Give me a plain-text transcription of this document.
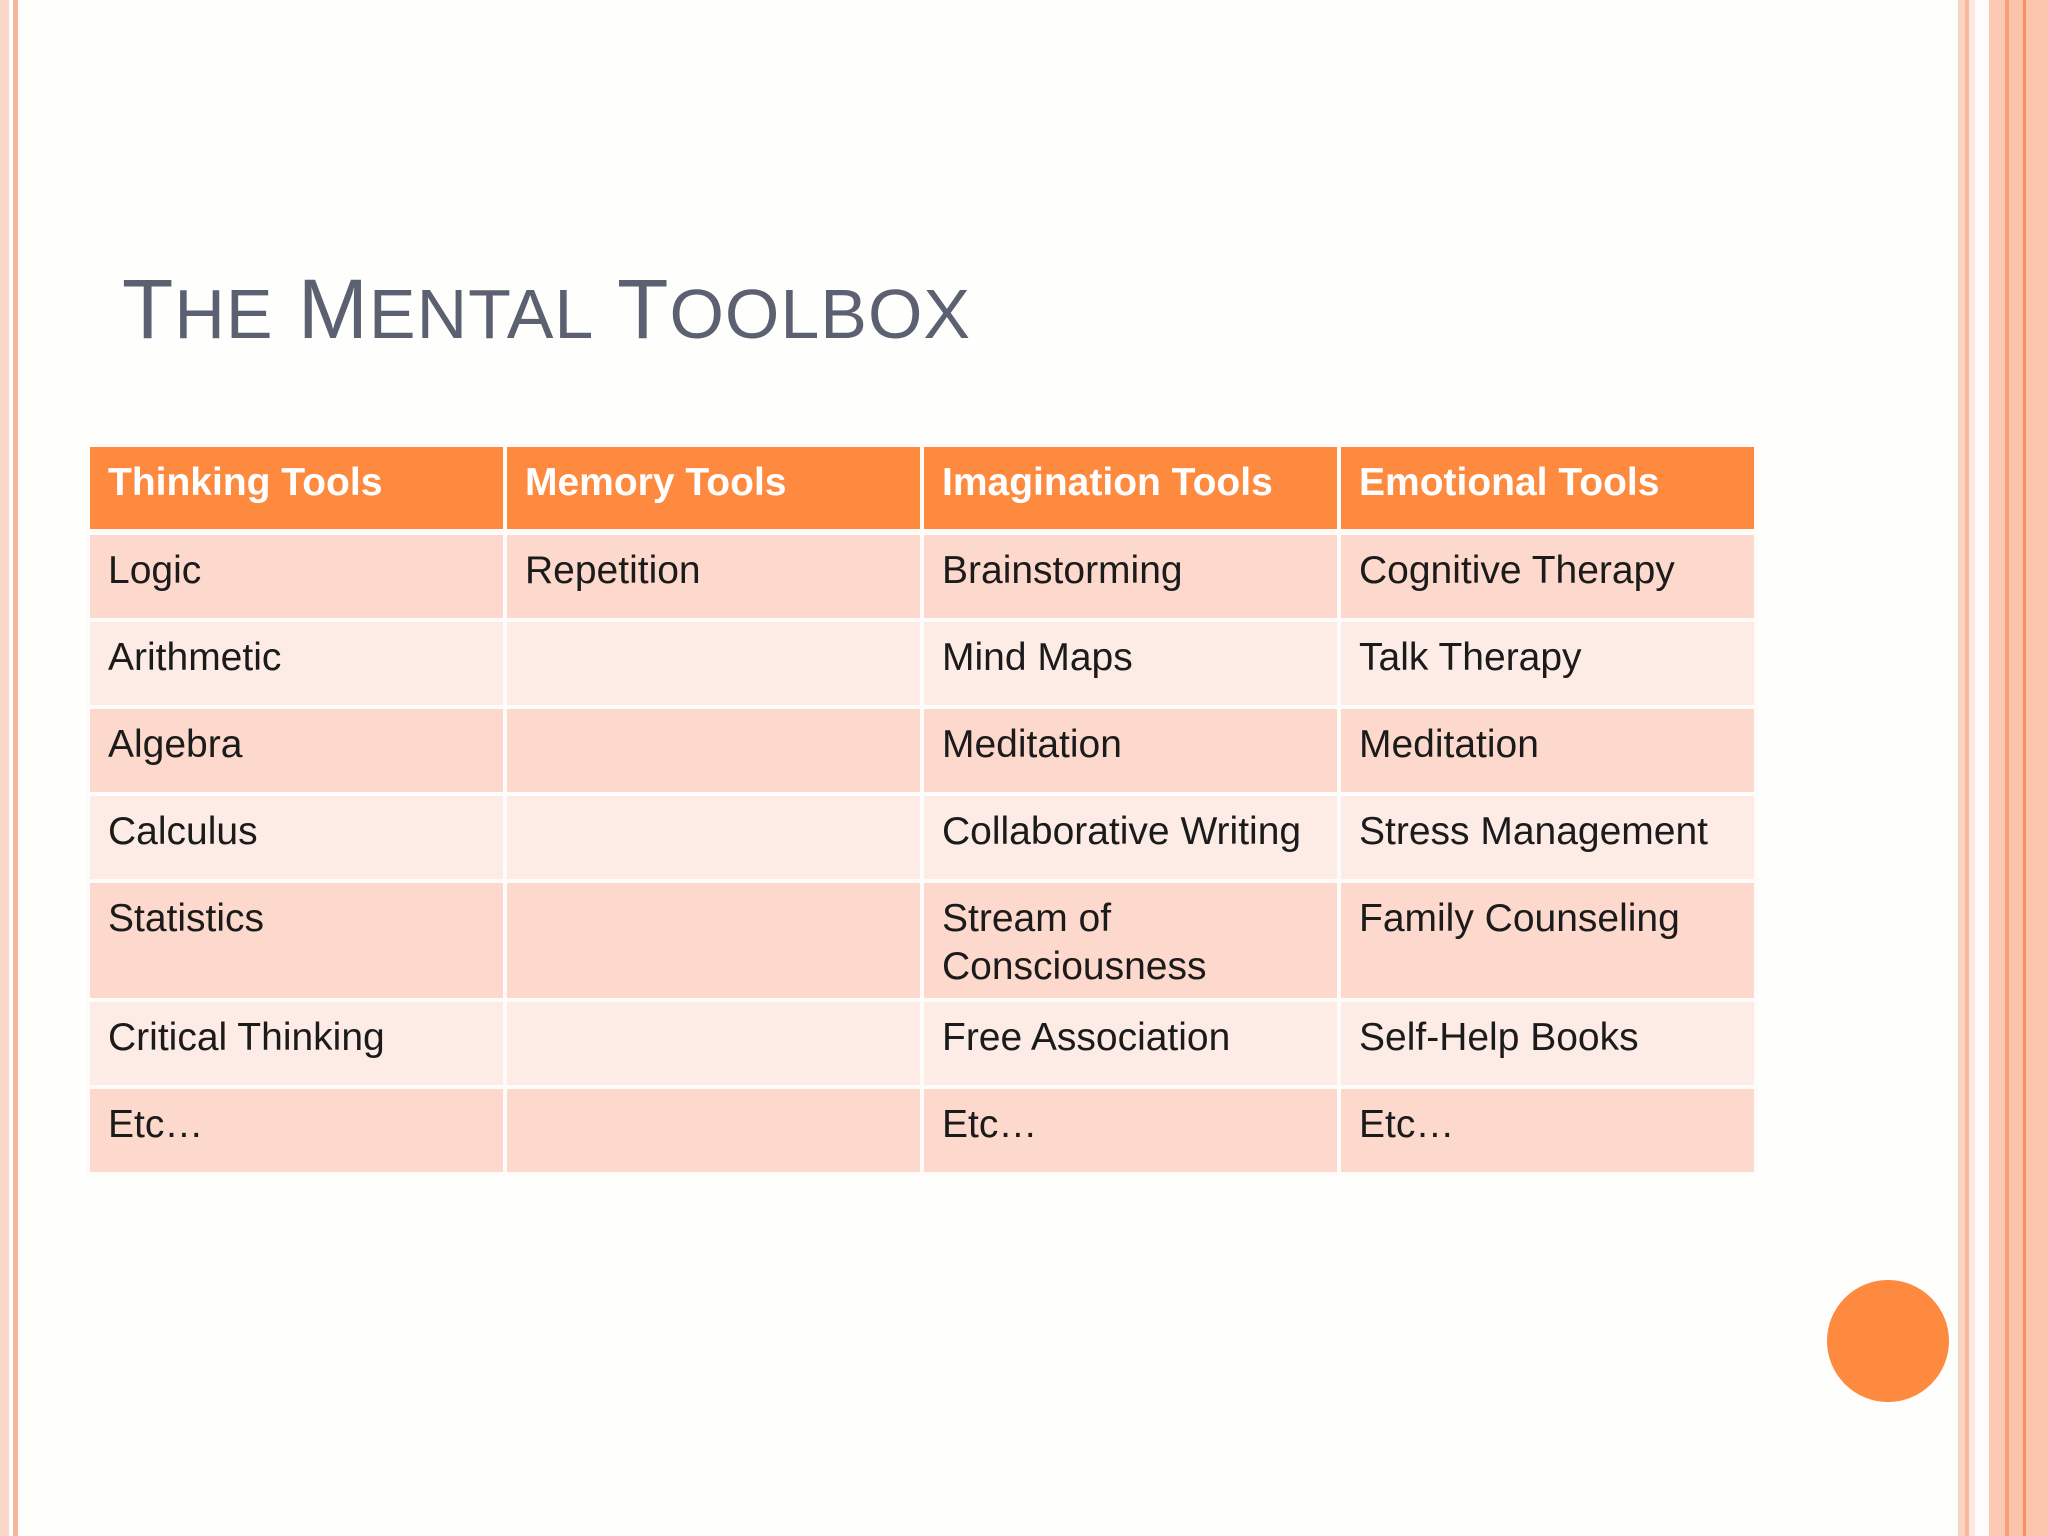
THE MENTAL TOOLBOX
Thinking Tools	Memory Tools	Imagination Tools	Emotional Tools
Logic	Repetition	Brainstorming	Cognitive Therapy
Arithmetic		Mind Maps	Talk Therapy
Algebra		Meditation	Meditation
Calculus		Collaborative Writing	Stress Management
Statistics		Stream of Consciousness	Family Counseling
Critical Thinking		Free Association	Self-Help Books
Etc…		Etc…	Etc…
